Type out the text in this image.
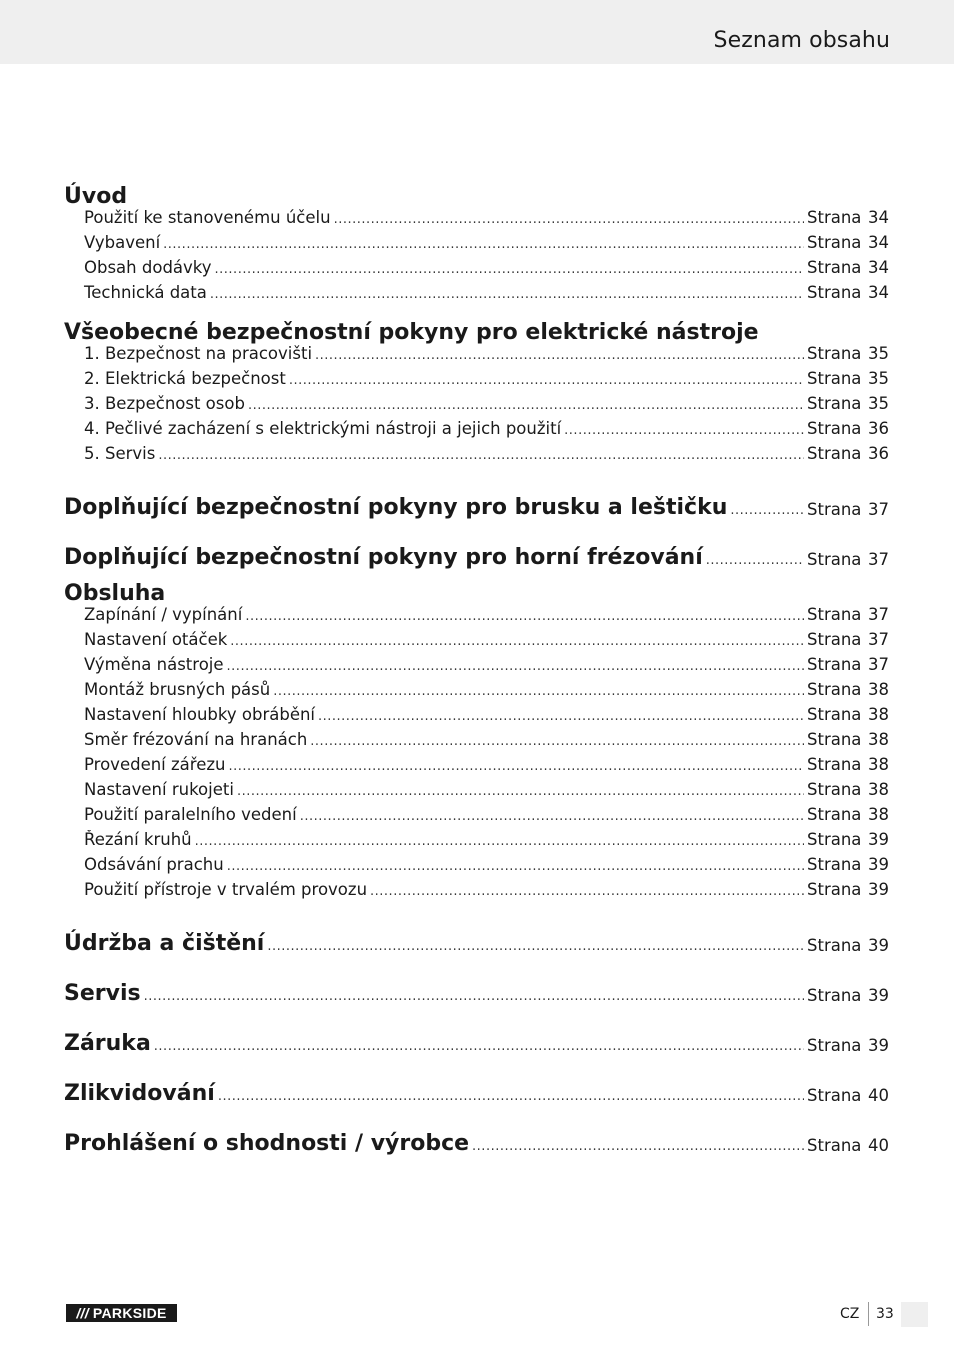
Seznam obsahu
Úvod
Použití ke stanovenému účelu .....	Strana 34
Vybavení .....	Strana 34
Obsah dodávky .....	Strana 34
Technická data .....	Strana 34
Všeobecné bezpečnostní pokyny pro elektrické nástroje
1. Bezpečnost na pracovišti .....	Strana 35
2. Elektrická bezpečnost .....	Strana 35
3. Bezpečnost osob .....	Strana 35
4. Pečlivé zacházení s elektrickými nástroji a jejich použití .....	Strana 36
5. Servis .....	Strana 36
Doplňující bezpečnostní pokyny pro brusku a leštičku .....	Strana 37
Doplňující bezpečnostní pokyny pro horní frézování .....	Strana 37
Obsluha
Zapínání / vypínání .....	Strana 37
Nastavení otáček .....	Strana 37
Výměna nástroje .....	Strana 37
Montáž brusných pásů .....	Strana 38
Nastavení hloubky obrábění .....	Strana 38
Směr frézování na hranách .....	Strana 38
Provedení zářezu .....	Strana 38
Nastavení rukojeti .....	Strana 38
Použití paralelního vedení .....	Strana 38
Řezání kruhů .....	Strana 39
Odsávání prachu .....	Strana 39
Použití přístroje v trvalém provozu .....	Strana 39
Údržba a čištění .....	Strana 39
Servis .....	Strana 39
Záruka .....	Strana 39
Zlikvidování .....	Strana 40
Prohlášení o shodnosti / výrobce .....	Strana 40
/// PARKSIDE	CZ 33
